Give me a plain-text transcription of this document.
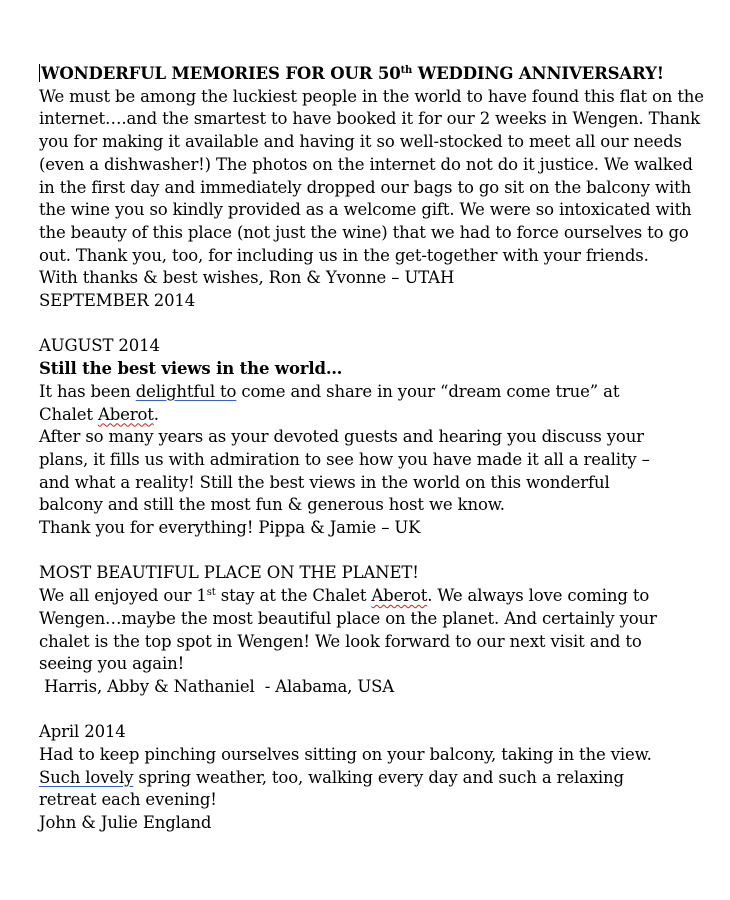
WONDERFUL MEMORIES FOR OUR 50th WEDDING ANNIVERSARY!
We must be among the luckiest people in the world to have found this flat on the
internet….and the smartest to have booked it for our 2 weeks in Wengen. Thank
you for making it available and having it so well-stocked to meet all our needs
(even a dishwasher!) The photos on the internet do not do it justice. We walked
in the first day and immediately dropped our bags to go sit on the balcony with
the wine you so kindly provided as a welcome gift. We were so intoxicated with
the beauty of this place (not just the wine) that we had to force ourselves to go
out. Thank you, too, for including us in the get-together with your friends.
With thanks & best wishes, Ron & Yvonne – UTAH
SEPTEMBER 2014
AUGUST 2014
Still the best views in the world…
It has been delightful to come and share in your “dream come true” at
Chalet Aberot.
After so many years as your devoted guests and hearing you discuss your
plans, it fills us with admiration to see how you have made it all a reality –
and what a reality! Still the best views in the world on this wonderful
balcony and still the most fun & generous host we know.
Thank you for everything! Pippa & Jamie – UK
MOST BEAUTIFUL PLACE ON THE PLANET!
We all enjoyed our 1st stay at the Chalet Aberot. We always love coming to
Wengen…maybe the most beautiful place on the planet. And certainly your
chalet is the top spot in Wengen! We look forward to our next visit and to
seeing you again!
Harris, Abby & Nathaniel  - Alabama, USA
April 2014
Had to keep pinching ourselves sitting on your balcony, taking in the view.
Such lovely spring weather, too, walking every day and such a relaxing
retreat each evening!
John & Julie England
